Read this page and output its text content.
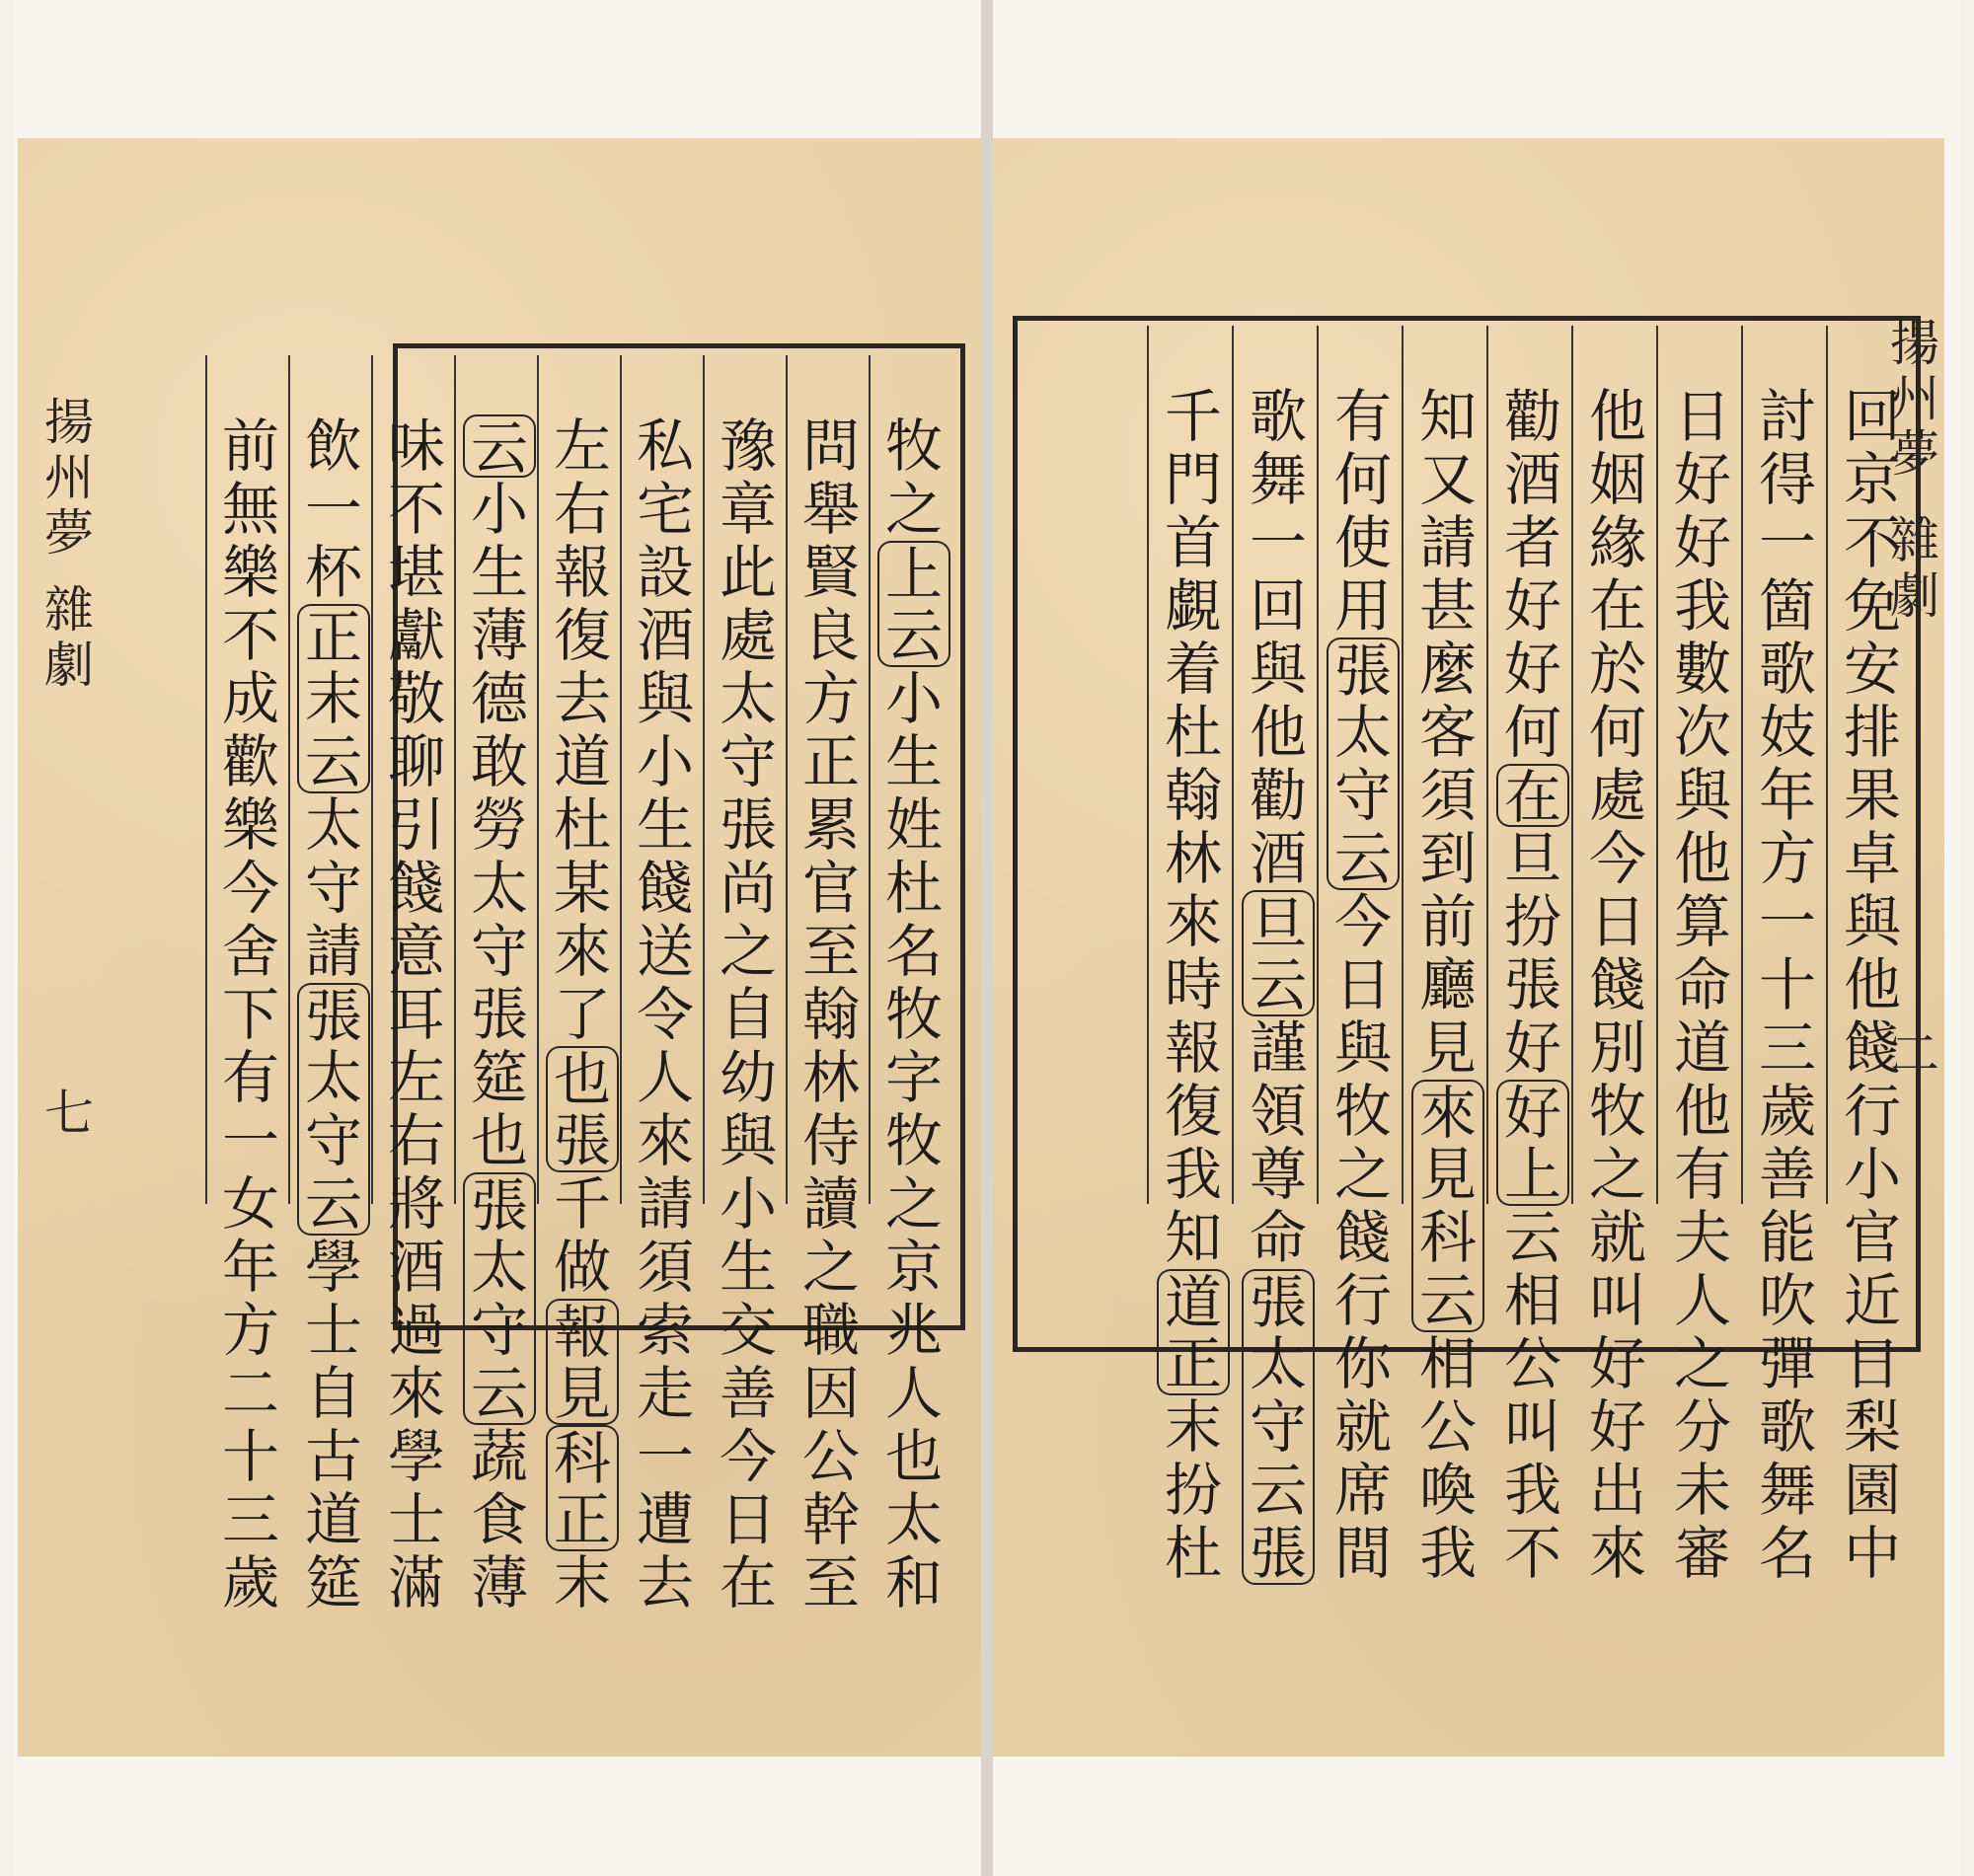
牧
之
上
云
小
生
姓
杜
名
牧
字
牧
之
京
兆
人
也
太
和
問
舉
賢
良
方
正
累
官
至
翰
林
侍
讀
之
職
因
公
幹
至
豫
章
此
處
太
守
張
尚
之
自
幼
與
小
生
交
善
今
日
在
私
宅
設
酒
與
小
生
餞
送
令
人
來
請
須
索
走
一
遭
去
左
右
報
復
去
道
杜
某
來
了
也
張
千
做
報
見
科
正
末
云
小
生
薄
德
敢
勞
太
守
張
筵
也
張
太
守
云
蔬
食
薄
味
不
堪
獻
敬
聊
引
餞
意
耳
左
右
將
酒
過
來
學
士
滿
飲
一
杯
正
末
云
太
守
請
張
太
守
云
學
士
自
古
道
筵
前
無
樂
不
成
歡
樂
今
舍
下
有
一
女
年
方
二
十
三
歲
回
京
不
免
安
排
果
卓
與
他
餞
行
小
官
近
日
梨
園
中
討
得
一
箇
歌
妓
年
方
一
十
三
歲
善
能
吹
彈
歌
舞
名
日
好
好
我
數
次
與
他
算
命
道
他
有
夫
人
之
分
未
審
他
姻
緣
在
於
何
處
今
日
餞
別
牧
之
就
叫
好
好
出
來
勸
酒
者
好
好
何
在
旦
扮
張
好
好
上
云
相
公
叫
我
不
知
又
請
甚
麼
客
須
到
前
廳
見
來
見
科
云
相
公
喚
我
有
何
使
用
張
太
守
云
今
日
與
牧
之
餞
行
你
就
席
間
歌
舞
一
回
與
他
勸
酒
旦
云
謹
領
尊
命
張
太
守
云
張
千
門
首
覷
着
杜
翰
林
來
時
報
復
我
知
道
正
末
扮
杜
揚
州
夢
雜
劇
七
揚
州
夢
雜
劇
二
